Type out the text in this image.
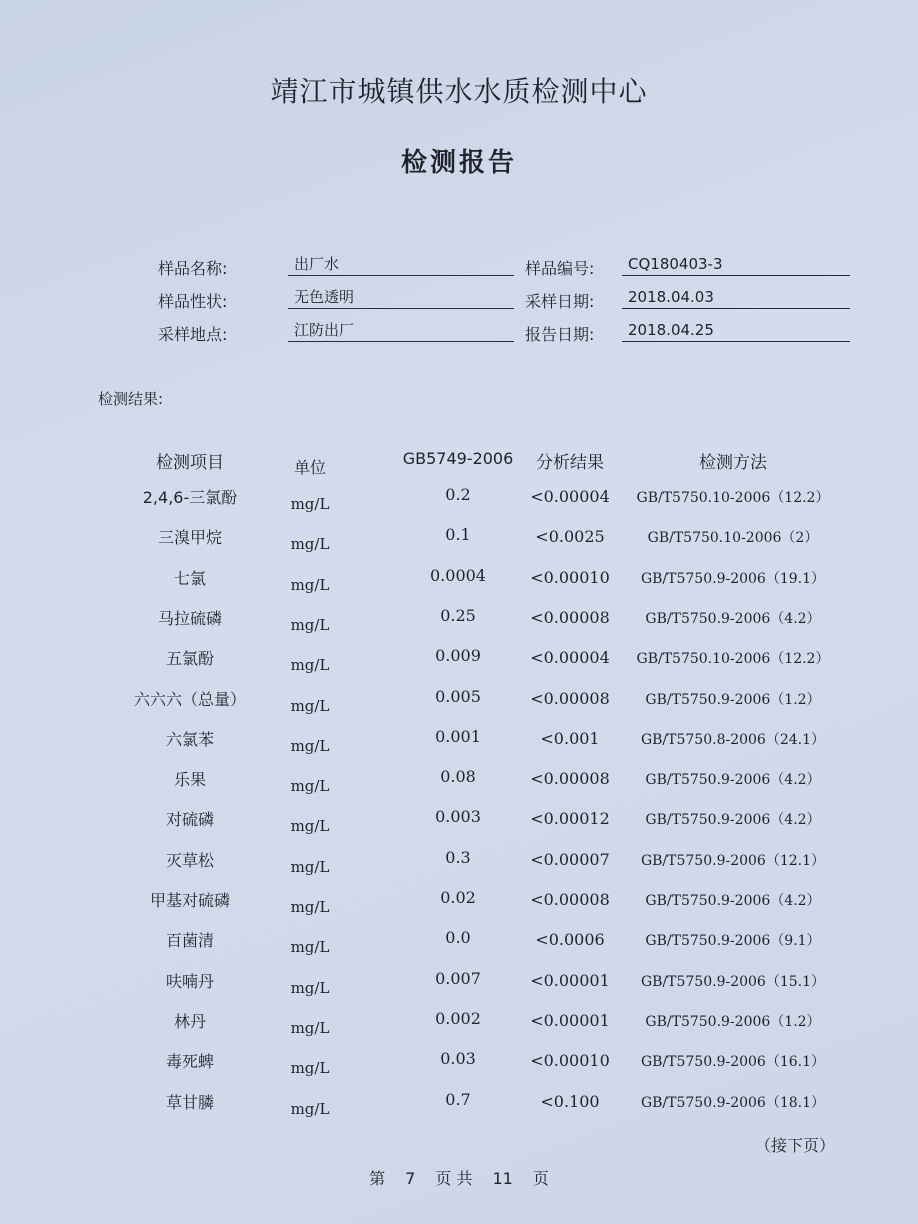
靖江市城镇供水水质检测中心
检测报告
样品名称:	出厂水	样品编号:	CQ180403-3
样品性状:	无色透明	采样日期:	2018.04.03
采样地点:	江防出厂	报告日期:	2018.04.25
检测结果:
检测项目	单位	GB5749-2006	分析结果	检测方法
2,4,6-三氯酚	mg/L	0.2	<0.00004	GB/T5750.10-2006（12.2）
三溴甲烷	mg/L	0.1	<0.0025	GB/T5750.10-2006（2）
七氯	mg/L	0.0004	<0.00010	GB/T5750.9-2006（19.1）
马拉硫磷	mg/L	0.25	<0.00008	GB/T5750.9-2006（4.2）
五氯酚	mg/L	0.009	<0.00004	GB/T5750.10-2006（12.2）
六六六（总量）	mg/L	0.005	<0.00008	GB/T5750.9-2006（1.2）
六氯苯	mg/L	0.001	<0.001	GB/T5750.8-2006（24.1）
乐果	mg/L	0.08	<0.00008	GB/T5750.9-2006（4.2）
对硫磷	mg/L	0.003	<0.00012	GB/T5750.9-2006（4.2）
灭草松	mg/L	0.3	<0.00007	GB/T5750.9-2006（12.1）
甲基对硫磷	mg/L	0.02	<0.00008	GB/T5750.9-2006（4.2）
百菌清	mg/L	0.0	<0.0006	GB/T5750.9-2006（9.1）
呋喃丹	mg/L	0.007	<0.00001	GB/T5750.9-2006（15.1）
林丹	mg/L	0.002	<0.00001	GB/T5750.9-2006（1.2）
毒死蜱	mg/L	0.03	<0.00010	GB/T5750.9-2006（16.1）
草甘膦	mg/L	0.7	<0.100	GB/T5750.9-2006（18.1）
（接下页）
第 7 页 共 11 页
